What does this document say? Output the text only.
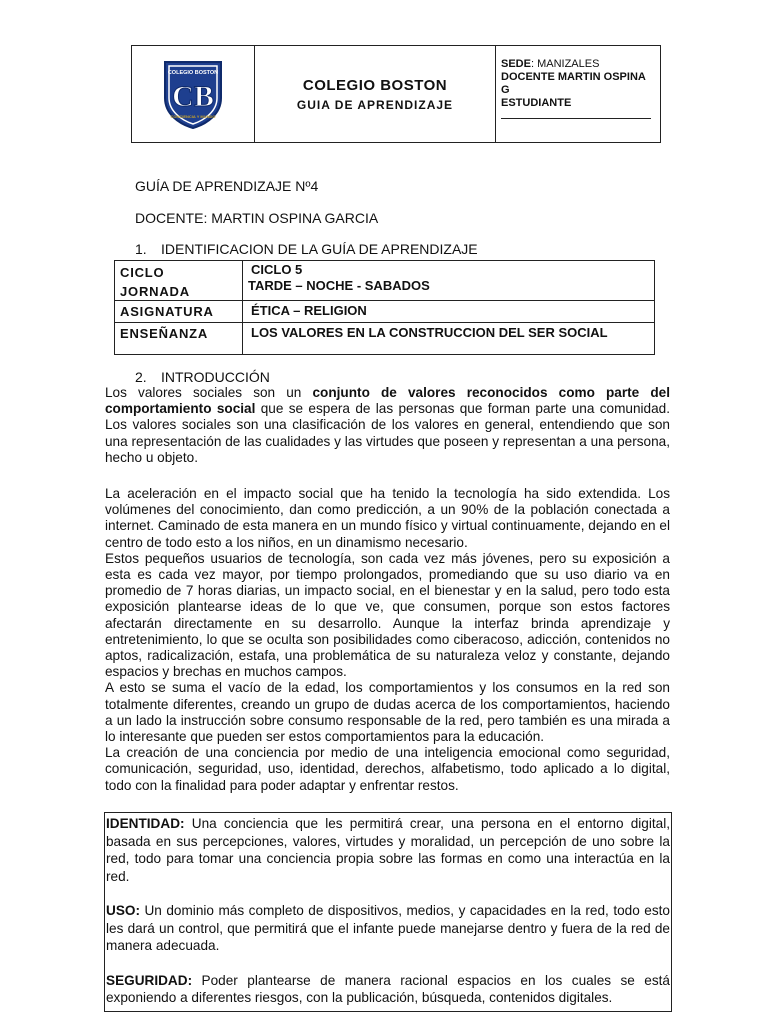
COLEGIO BOSTON
CB
CONCIENCIA Y MUNDO
COLEGIO BOSTON
GUIA DE APRENDIZAJE
SEDE: MANIZALES
DOCENTE MARTIN OSPINA
G
ESTUDIANTE
GUÍA DE APRENDIZAJE Nº4
DOCENTE: MARTIN OSPINA GARCIA
1. IDENTIFICACION DE LA GUÍA DE APRENDIZAJE
CICLO
JORNADA
CICLO 5
TARDE – NOCHE - SABADOS
ASIGNATURA	ÉTICA – RELIGION
ENSEÑANZA	LOS VALORES EN LA CONSTRUCCION DEL SER SOCIAL
2. INTRODUCCIÓN
Los valores sociales son un conjunto de valores reconocidos como parte del comportamiento social que se espera de las personas que forman parte una comunidad. Los valores sociales son una clasificación de los valores en general, entendiendo que son una representación de las cualidades y las virtudes que poseen y representan a una persona, hecho u objeto.
La aceleración en el impacto social que ha tenido la tecnología ha sido extendida. Los volúmenes del conocimiento, dan como predicción, a un 90% de la población conectada a internet. Caminado de esta manera en un mundo físico y virtual continuamente, dejando en el centro de todo esto a los niños, en un dinamismo necesario.
Estos pequeños usuarios de tecnología, son cada vez más jóvenes, pero su exposición a esta es cada vez mayor, por tiempo prolongados, promediando que su uso diario va en promedio de 7 horas diarias, un impacto social, en el bienestar y en la salud, pero todo esta exposición plantearse ideas de lo que ve, que consumen, porque son estos factores afectarán directamente en su desarrollo. Aunque la interfaz brinda aprendizaje y entretenimiento, lo que se oculta son posibilidades como ciberacoso, adicción, contenidos no aptos, radicalización, estafa, una problemática de su naturaleza veloz y constante, dejando espacios y brechas en muchos campos.
A esto se suma el vacío de la edad, los comportamientos y los consumos en la red son totalmente diferentes, creando un grupo de dudas acerca de los comportamientos, haciendo a un lado la instrucción sobre consumo responsable de la red, pero también es una mirada a lo interesante que pueden ser estos comportamientos para la educación.
La creación de una conciencia por medio de una inteligencia emocional como seguridad, comunicación, seguridad, uso, identidad, derechos, alfabetismo, todo aplicado a lo digital, todo con la finalidad para poder adaptar y enfrentar restos.

IDENTIDAD: Una conciencia que les permitirá crear, una persona en el entorno digital, basada en sus percepciones, valores, virtudes y moralidad, un percepción de uno sobre la red, todo para tomar una conciencia propia sobre las formas en como una interactúa en la red.

USO: Un dominio más completo de dispositivos, medios, y capacidades en la red, todo esto les dará un control, que permitirá que el infante puede manejarse dentro y fuera de la red de manera adecuada.

SEGURIDAD: Poder plantearse de manera racional espacios en los cuales se está exponiendo a diferentes riesgos, con la publicación, búsqueda, contenidos digitales.
